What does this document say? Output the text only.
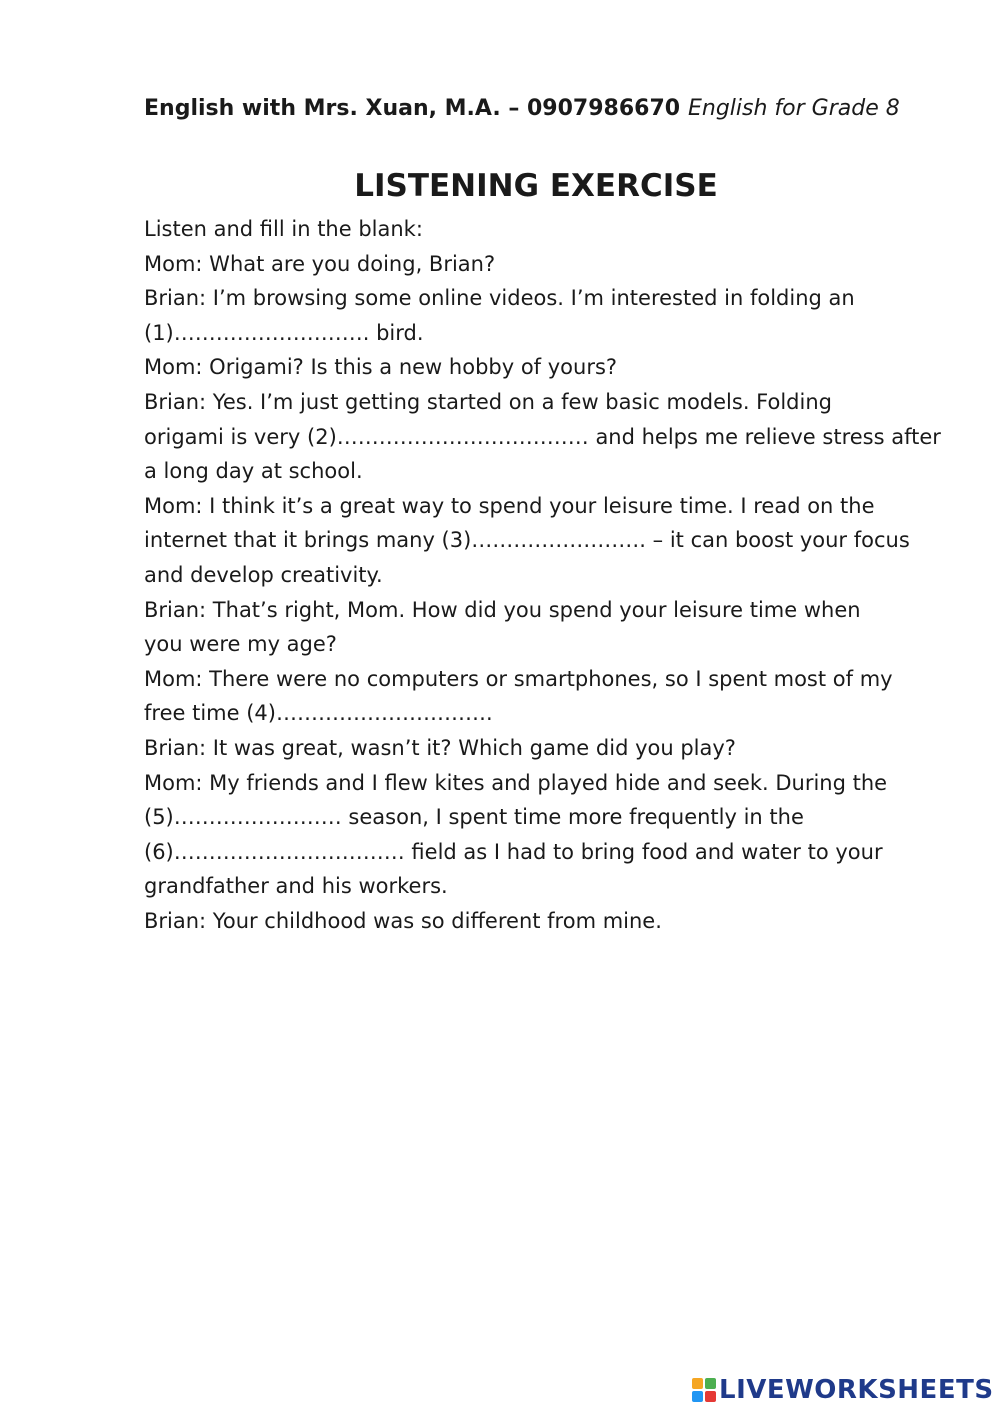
English with Mrs. Xuan, M.A. – 0907986670 English for Grade 8
LISTENING EXERCISE
Listen and fill in the blank:
Mom: What are you doing, Brian?
Brian: I’m browsing some online videos. I’m interested in folding an
(1)………………………. bird.
Mom: Origami? Is this a new hobby of yours?
Brian: Yes. I’m just getting started on a few basic models. Folding
origami is very (2)……………………………… and helps me relieve stress after
a long day at school.
Mom: I think it’s a great way to spend your leisure time. I read on the
internet that it brings many (3)……………………. – it can boost your focus
and develop creativity.
Brian: That’s right, Mom. How did you spend your leisure time when
you were my age?
Mom: There were no computers or smartphones, so I spent most of my
free time (4)………………………….
Brian: It was great, wasn’t it? Which game did you play?
Mom: My friends and I flew kites and played hide and seek. During the
(5)…………………… season, I spent time more frequently in the
(6)…………………………… field as I had to bring food and water to your
grandfather and his workers.
Brian: Your childhood was so different from mine.
LIVEWORKSHEETS
